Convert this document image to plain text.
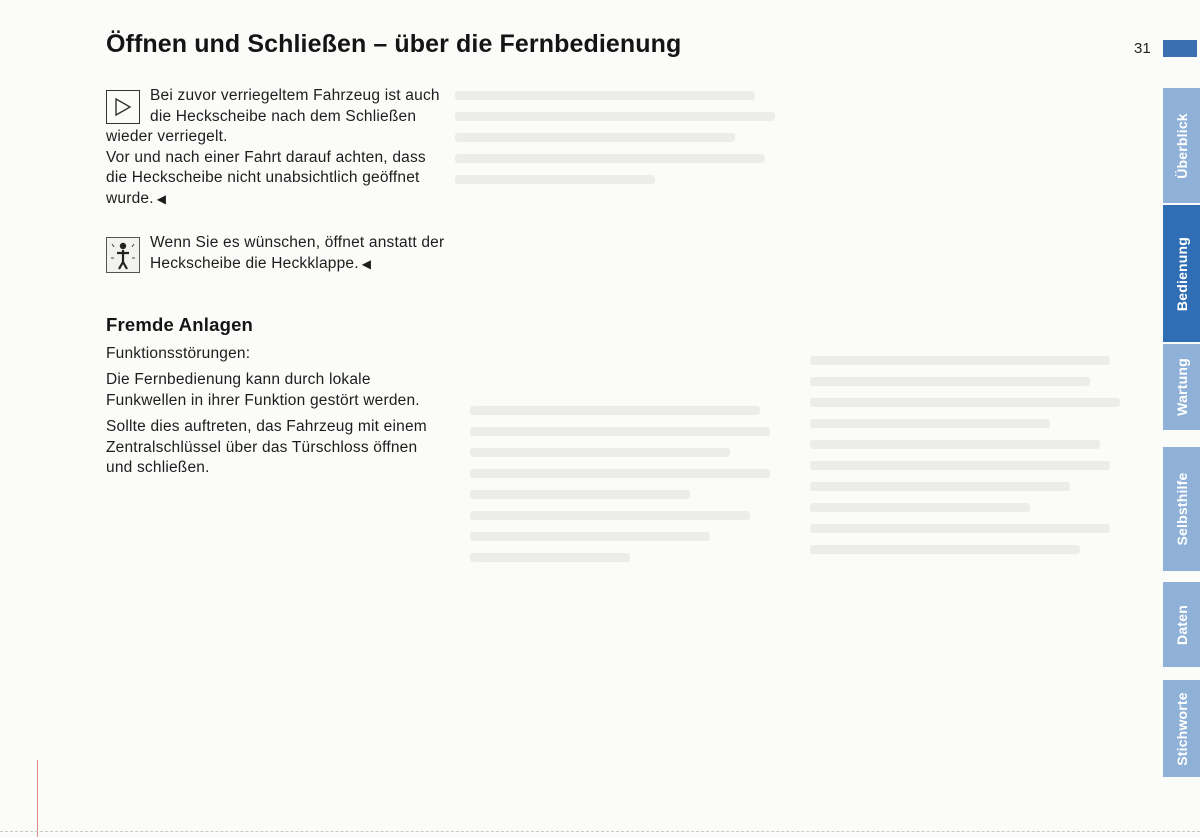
Öffnen und Schließen – über die Fernbedienung	31

Bei zuvor verriegeltem Fahrzeug ist auch die Heckscheibe nach dem Schließen wieder verriegelt.

Vor und nach einer Fahrt darauf achten, dass die Heckscheibe nicht unabsichtlich geöffnet wurde. ◀

Wenn Sie es wünschen, öffnet anstatt der Heckscheibe die Heckklappe. ◀

Fremde Anlagen

Funktionsstörungen:

Die Fernbedienung kann durch lokale Funkwellen in ihrer Funktion gestört werden.

Sollte dies auftreten, das Fahrzeug mit einem Zentralschlüssel über das Türschloss öffnen und schließen.

Überblick
Bedienung
Wartung
Selbsthilfe
Daten
Stichworte
